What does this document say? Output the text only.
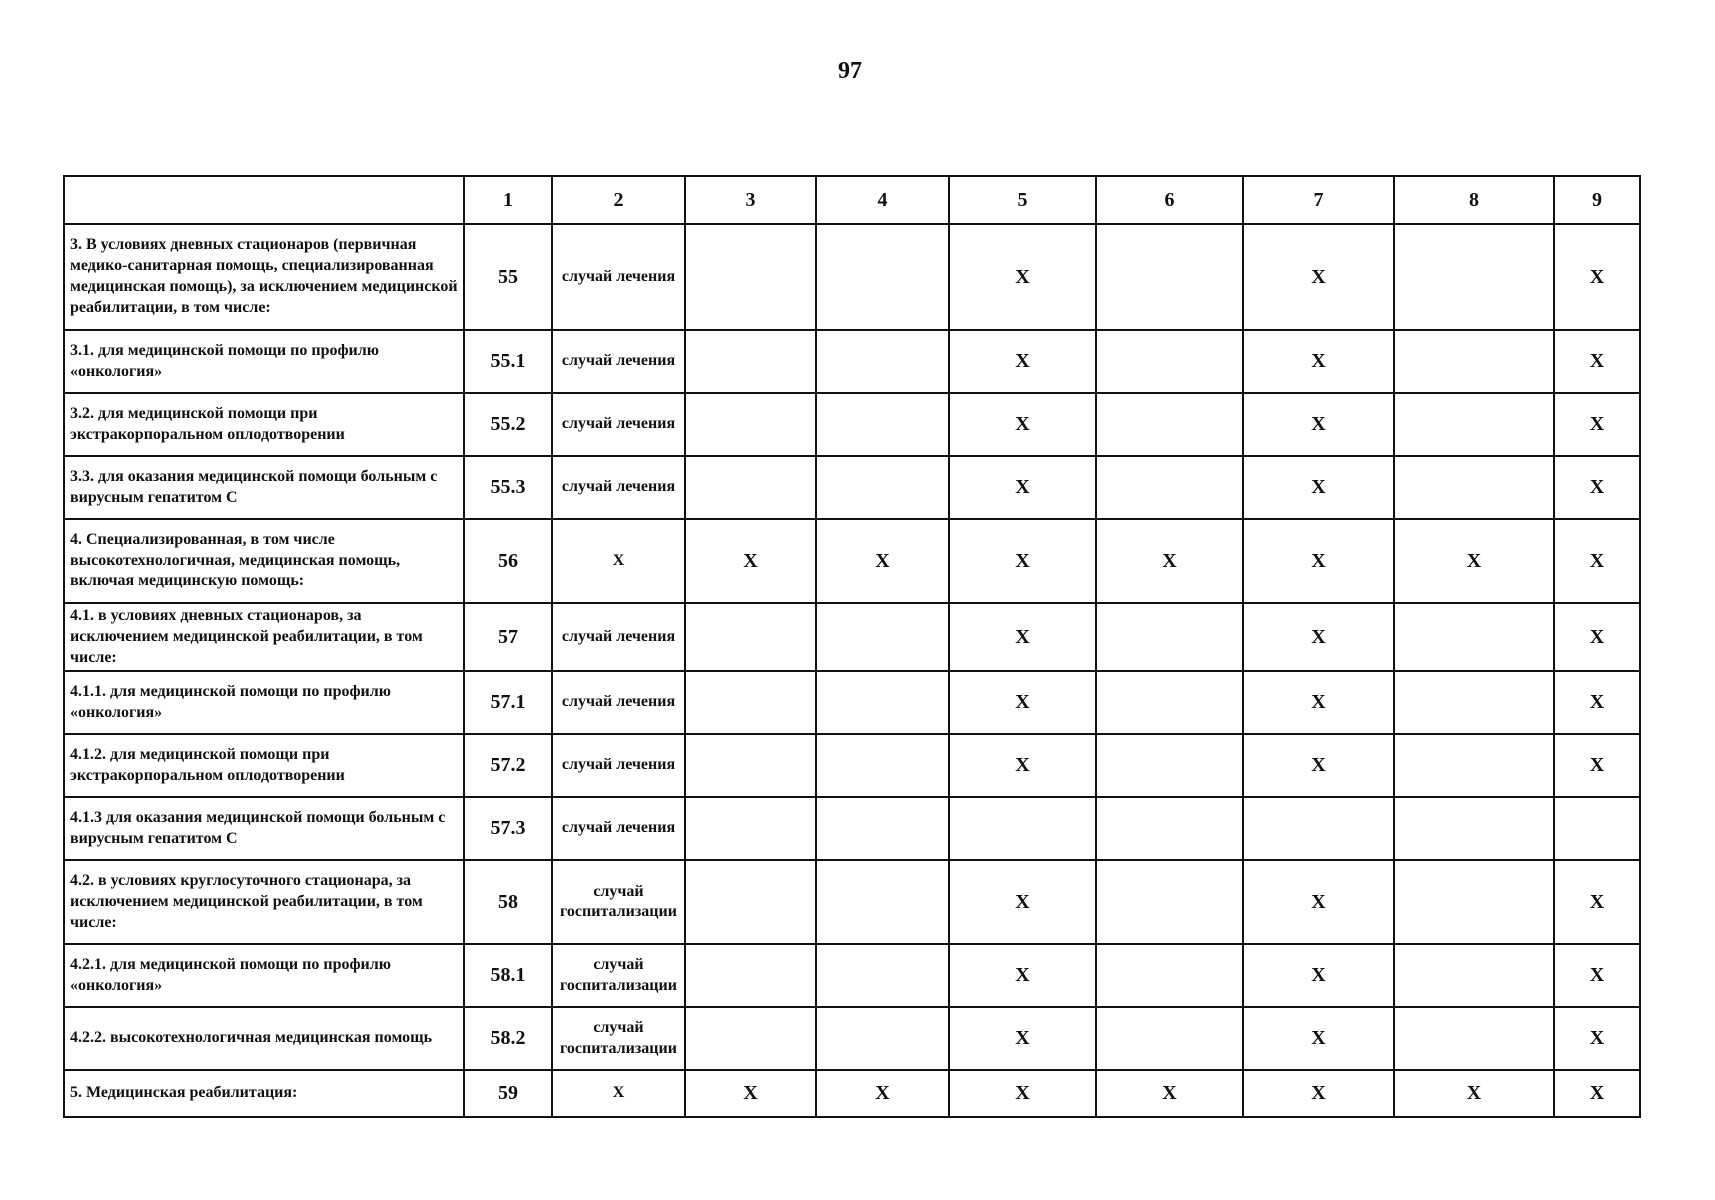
97
	1	2	3	4	5	6	7	8	9
3. В условиях дневных стационаров (первичная медико-санитарная помощь, специализированная медицинская помощь), за исключением медицинской реабилитации, в том числе:	55	случай лечения			X		X		X
3.1. для медицинской помощи по профилю «онкология»	55.1	случай лечения			X		X		X
3.2. для медицинской помощи при экстракорпоральном оплодотворении	55.2	случай лечения			X		X		X
3.3. для оказания медицинской помощи больным с вирусным гепатитом С	55.3	случай лечения			X		X		X
4. Специализированная, в том числе высокотехнологичная, медицинская помощь, включая медицинскую помощь:	56	X	X	X	X	X	X	X	X
4.1. в условиях дневных стационаров, за исключением медицинской реабилитации, в том числе:	57	случай лечения			X		X		X
4.1.1. для медицинской помощи по профилю «онкология»	57.1	случай лечения			X		X		X
4.1.2. для медицинской помощи при экстракорпоральном оплодотворении	57.2	случай лечения			X		X		X
4.1.3 для оказания медицинской помощи больным с вирусным гепатитом С	57.3	случай лечения							
4.2. в условиях круглосуточного стационара, за исключением медицинской реабилитации, в том числе:	58	случай госпитализации			X		X		X
4.2.1. для медицинской помощи по профилю «онкология»	58.1	случай госпитализации			X		X		X
4.2.2. высокотехнологичная медицинская помощь	58.2	случай госпитализации			X		X		X
5. Медицинская реабилитация:	59	X	X	X	X	X	X	X	X
